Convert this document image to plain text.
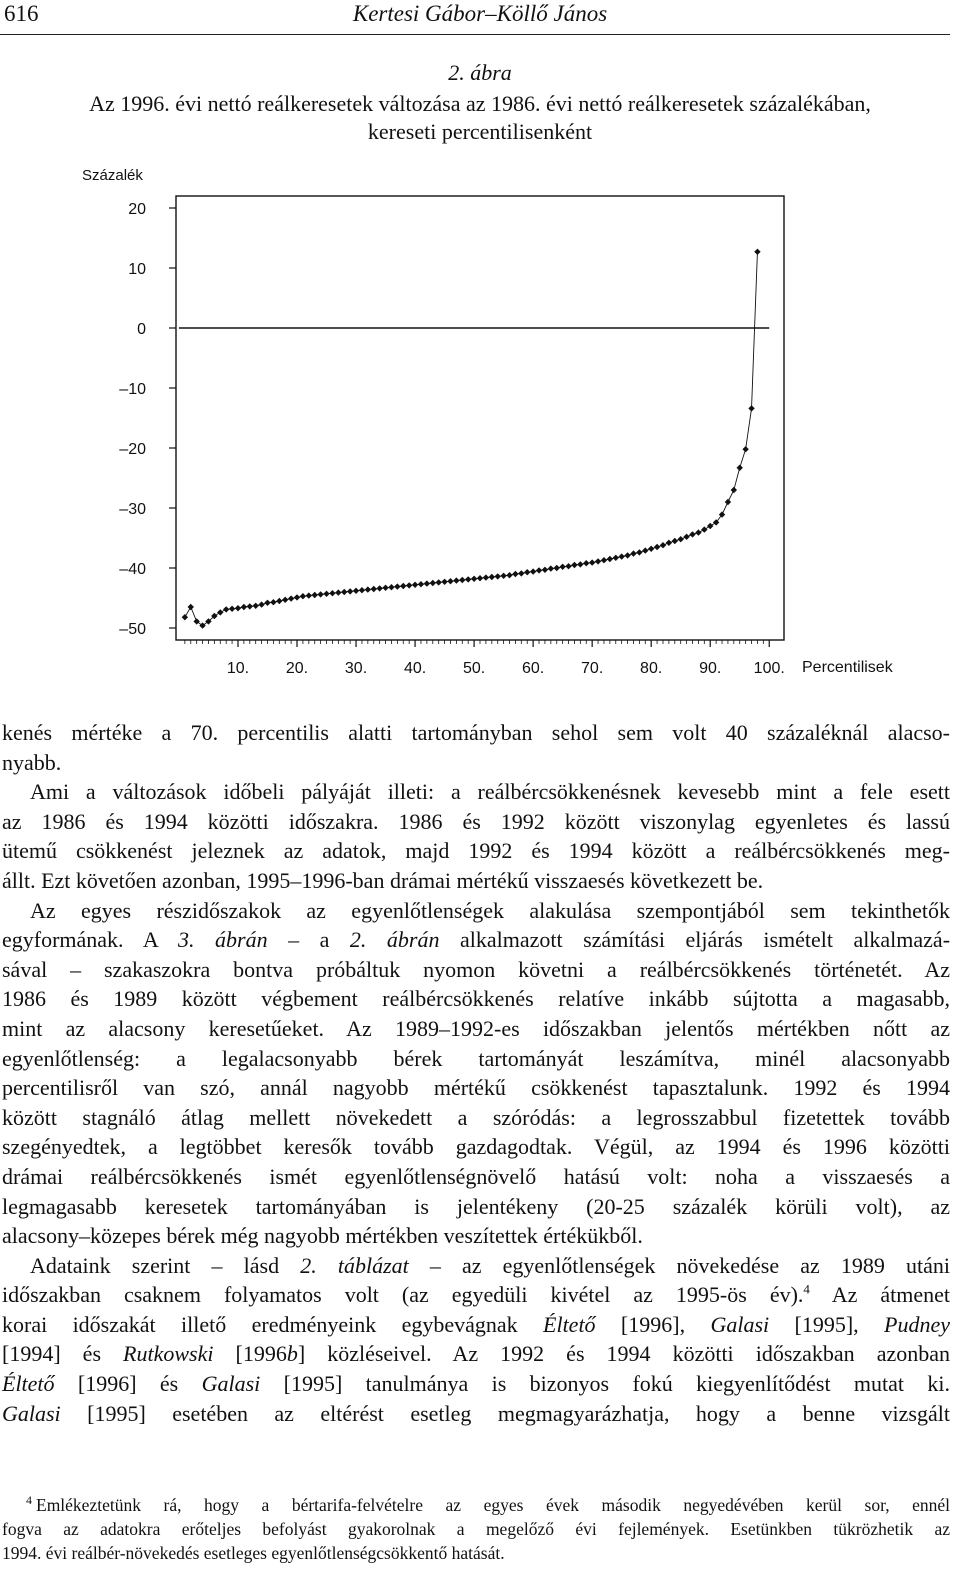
616	Kertesi Gábor–Köllő János
2. ábra
Az 1996. évi nettó reálkeresetek változása az 1986. évi nettó reálkeresetek százalékában,
kereseti percentilisenként
Százalék
20
10
0
–10
–20
–30
–40
–50
10. 20. 30. 40. 50. 60. 70. 80. 90. 100. Percentilisek
kenés mértéke a 70. percentilis alatti tartományban sehol sem volt 40 százaléknál alacso-
nyabb.
Ami a változások időbeli pályáját illeti: a reálbércsökkenésnek kevesebb mint a fele esett
az 1986 és 1994 közötti időszakra. 1986 és 1992 között viszonylag egyenletes és lassú
ütemű csökkenést jeleznek az adatok, majd 1992 és 1994 között a reálbércsökkenés meg-
állt. Ezt követően azonban, 1995–1996-ban drámai mértékű visszaesés következett be.
Az egyes részidőszakok az egyenlőtlenségek alakulása szempontjából sem tekinthetők
egyformának. A 3. ábrán – a 2. ábrán alkalmazott számítási eljárás ismételt alkalmazá-
sával – szakaszokra bontva próbáltuk nyomon követni a reálbércsökkenés történetét. Az
1986 és 1989 között végbement reálbércsökkenés relatíve inkább sújtotta a magasabb,
mint az alacsony keresetűeket. Az 1989–1992-es időszakban jelentős mértékben nőtt az
egyenlőtlenség: a legalacsonyabb bérek tartományát leszámítva, minél alacsonyabb
percentilisről van szó, annál nagyobb mértékű csökkenést tapasztalunk. 1992 és 1994
között stagnáló átlag mellett növekedett a szóródás: a legrosszabbul fizetettek tovább
szegényedtek, a legtöbbet keresők tovább gazdagodtak. Végül, az 1994 és 1996 közötti
drámai reálbércsökkenés ismét egyenlőtlenségnövelő hatású volt: noha a visszaesés a
legmagasabb keresetek tartományában is jelentékeny (20-25 százalék körüli volt), az
alacsony–közepes bérek még nagyobb mértékben veszítettek értékükből.
Adataink szerint – lásd 2. táblázat – az egyenlőtlenségek növekedése az 1989 utáni
időszakban csaknem folyamatos volt (az egyedüli kivétel az 1995-ös év).$^4$ Az átmenet
korai időszakát illető eredményeink egybevágnak Éltető [1996], Galasi [1995], Pudney
[1994] és Rutkowski [1996b] közléseivel. Az 1992 és 1994 közötti időszakban azonban
Éltető [1996] és Galasi [1995] tanulmánya is bizonyos fokú kiegyenlítődést mutat ki.
Galasi [1995] esetében az eltérést esetleg megmagyarázhatja, hogy a benne vizsgált
$^4$ Emlékeztetünk rá, hogy a bértarifa-felvételre az egyes évek második negyedévében kerül sor, ennél
fogva az adatokra erőteljes befolyást gyakorolnak a megelőző évi fejlemények. Esetünkben tükrözhetik az
1994. évi reálbér-növekedés esetleges egyenlőtlenségcsökkentő hatását.
